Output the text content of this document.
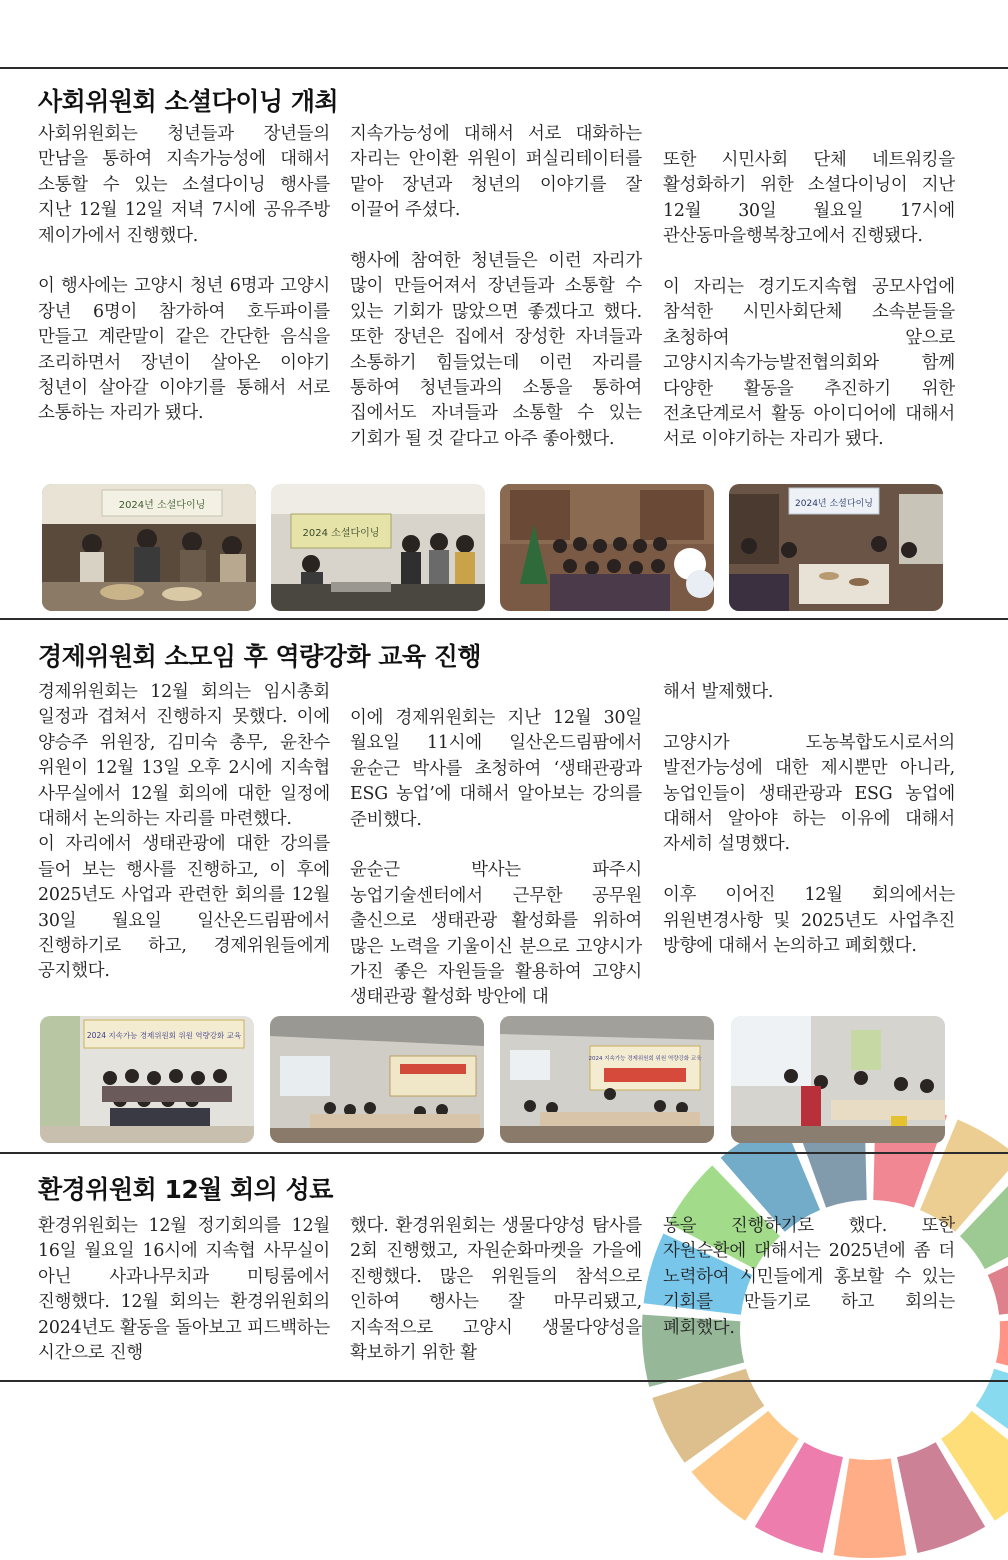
사회위원회 소셜다이닝 개최

사회위원회는 청년들과 장년들의 만남을 통하여 지속가능성에 대해서 소통할 수 있는 소셜다이닝 행사를 지난 12월 12일 저녁 7시에 공유주방 제이가에서 진행했다.

이 행사에는 고양시 청년 6명과 고양시 장년 6명이 참가하여 호두파이를 만들고 계란말이 같은 간단한 음식을 조리하면서 장년이 살아온 이야기 청년이 살아갈 이야기를 통해서 서로 소통하는 자리가 됐다.

지속가능성에 대해서 서로 대화하는 자리는 안이환 위원이 퍼실리테이터를 맡아 장년과 청년의 이야기를 잘 이끌어 주셨다.

행사에 참여한 청년들은 이런 자리가 많이 만들어져서 장년들과 소통할 수 있는 기회가 많았으면 좋겠다고 했다. 또한 장년은 집에서 장성한 자녀들과 소통하기 힘들었는데 이런 자리를 통하여 청년들과의 소통을 통하여 집에서도 자녀들과 소통할 수 있는 기회가 될 것 같다고 아주 좋아했다.

또한 시민사회 단체 네트워킹을 활성화하기 위한 소셜다이닝이 지난 12월 30일 월요일 17시에 관산동마을행복창고에서 진행됐다.

이 자리는 경기도지속협 공모사업에 참석한 시민사회단체 소속분들을 초청하여 앞으로 고양시지속가능발전협의회와 함께 다양한 활동을 추진하기 위한 전초단계로서 활동 아이디어에 대해서 서로 이야기하는 자리가 됐다.

2024년 소셜다이닝
2024 소셜다이닝
2024년 소셜다이닝
경제위원회 소모임 후 역량강화 교육 진행

경제위원회는 12월 회의는 임시총회 일정과 겹쳐서 진행하지 못했다. 이에 양승주 위원장, 김미숙 총무, 윤찬수 위원이 12월 13일 오후 2시에 지속협 사무실에서 12월 회의에 대한 일정에 대해서 논의하는 자리를 마련했다.

이 자리에서 생태관광에 대한 강의를 들어 보는 행사를 진행하고, 이 후에 2025년도 사업과 관련한 회의를 12월 30일 월요일 일산온드림팜에서 진행하기로 하고, 경제위원들에게 공지했다.

이에 경제위원회는 지난 12월 30일 월요일 11시에 일산온드림팜에서 윤순근 박사를 초청하여 ‘생태관광과 ESG 농업’에 대해서 알아보는 강의를 준비했다.

윤순근 박사는 파주시 농업기술센터에서 근무한 공무원 출신으로 생태관광 활성화를 위하여 많은 노력을 기울이신 분으로 고양시가 가진 좋은 자원들을 활용하여 고양시 생태관광 활성화 방안에 대

해서 발제했다.

고양시가 도농복합도시로서의 발전가능성에 대한 제시뿐만 아니라, 농업인들이 생태관광과 ESG 농업에 대해서 알아야 하는 이유에 대해서 자세히 설명했다.

이후 이어진 12월 회의에서는 위원변경사항 및 2025년도 사업추진 방향에 대해서 논의하고 폐회했다.

2024 지속가능 경제위원회 위원 역량강화 교육
2024 지속가능 경제위원회 위원 역량강화 교육
환경위원회 12월 회의 성료

환경위원회는 12월 정기회의를 12월 16일 월요일 16시에 지속협 사무실이 아닌 사과나무치과 미팅룸에서 진행했다. 12월 회의는 환경위원회의 2024년도 활동을 돌아보고 피드백하는 시간으로 진행

했다. 환경위원회는 생물다양성 탐사를 2회 진행했고, 자원순화마켓을 가을에 진행했다. 많은 위원들의 참석으로 인하여 행사는 잘 마무리됐고, 지속적으로 고양시 생물다양성을 확보하기 위한 활

동을 진행하기로 했다. 또한 자원순환에 대해서는 2025년에 좀 더 노력하여 시민들에게 홍보할 수 있는 기회를 만들기로 하고 회의는 폐회했다.
